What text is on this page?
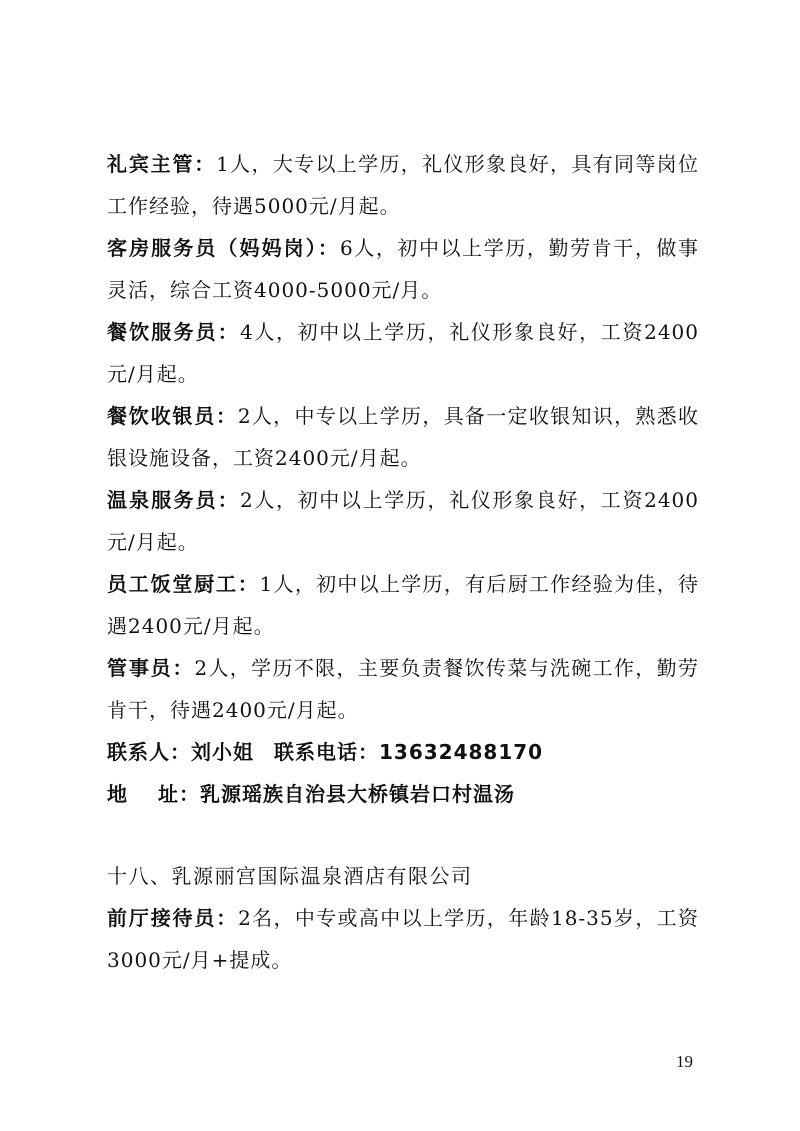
礼宾主管：1人，大专以上学历，礼仪形象良好，具有同等岗位工作经验，待遇5000元/月起。

客房服务员（妈妈岗）：6人，初中以上学历，勤劳肯干，做事灵活，综合工资4000-5000元/月。

餐饮服务员：4人，初中以上学历，礼仪形象良好，工资2400元/月起。

餐饮收银员：2人，中专以上学历，具备一定收银知识，熟悉收银设施设备，工资2400元/月起。

温泉服务员：2人，初中以上学历，礼仪形象良好，工资2400元/月起。

员工饭堂厨工：1人，初中以上学历，有后厨工作经验为佳，待遇2400元/月起。

管事员：2人，学历不限，主要负责餐饮传菜与洗碗工作，勤劳肯干，待遇2400元/月起。

联系人：刘小姐 联系电话：13632488170

地 址：乳源瑶族自治县大桥镇岩口村温汤

十八、乳源丽宫国际温泉酒店有限公司

前厅接待员：2名，中专或高中以上学历，年龄18-35岁，工资3000元/月+提成。

19
